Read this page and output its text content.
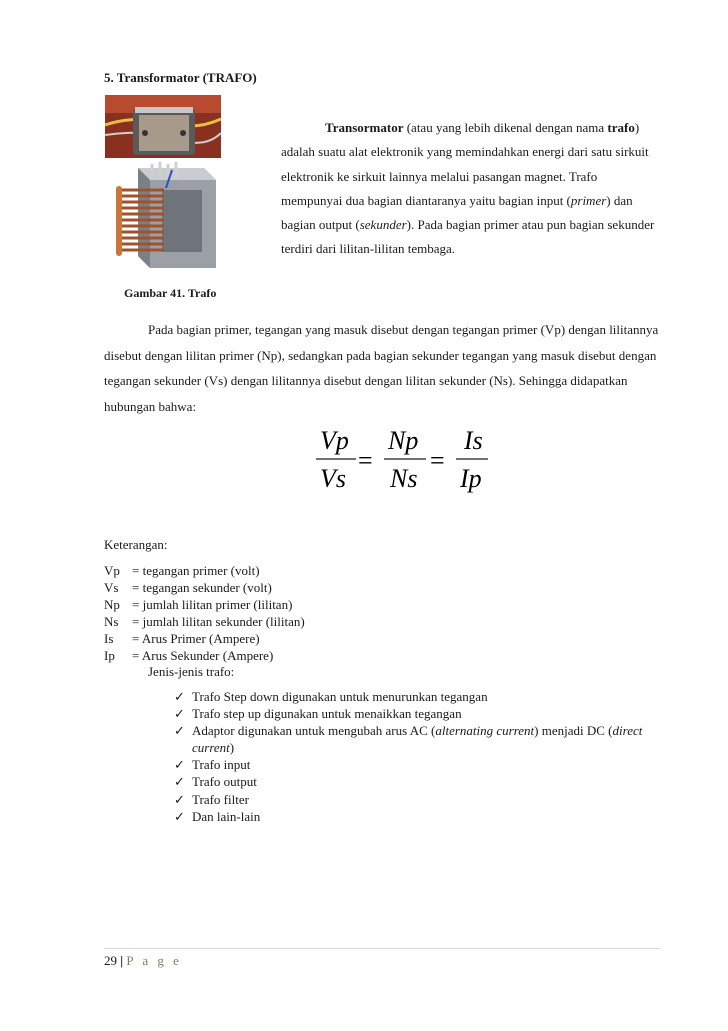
5. Transformator (TRAFO)
Gambar 41. Trafo
Transormator (atau yang lebih dikenal dengan nama trafo) adalah suatu alat elektronik yang memindahkan energi dari satu sirkuit elektronik ke sirkuit lainnya melalui pasangan magnet. Trafo mempunyai dua bagian diantaranya yaitu bagian input (primer) dan bagian output (sekunder). Pada bagian primer atau pun bagian sekunder terdiri dari lilitan-lilitan tembaga.
Pada bagian primer, tegangan yang masuk disebut dengan tegangan primer (Vp) dengan lilitannya disebut dengan lilitan primer (Np), sedangkan pada bagian sekunder tegangan yang masuk disebut dengan tegangan sekunder (Vs) dengan lilitannya disebut dengan lilitan sekunder (Ns). Sehingga didapatkan hubungan bahwa:
Vp
Vs
=
Np
Ns
=
Is
Ip
Keterangan:
Vp = tegangan primer (volt)
Vs	= tegangan sekunder (volt)
Np = jumlah lilitan primer (lilitan)
Ns	= jumlah lilitan sekunder (lilitan)
Is	= Arus Primer (Ampere)
Ip	= Arus Sekunder (Ampere)
Jenis-jenis trafo:
✓ Trafo Step down digunakan untuk menurunkan tegangan
✓ Trafo step up digunakan untuk menaikkan tegangan
✓ Adaptor digunakan untuk mengubah arus AC (alternating current) menjadi DC (direct current)
✓ Trafo input
✓ Trafo output
✓ Trafo filter
✓ Dan lain-lain
29 | P a g e
